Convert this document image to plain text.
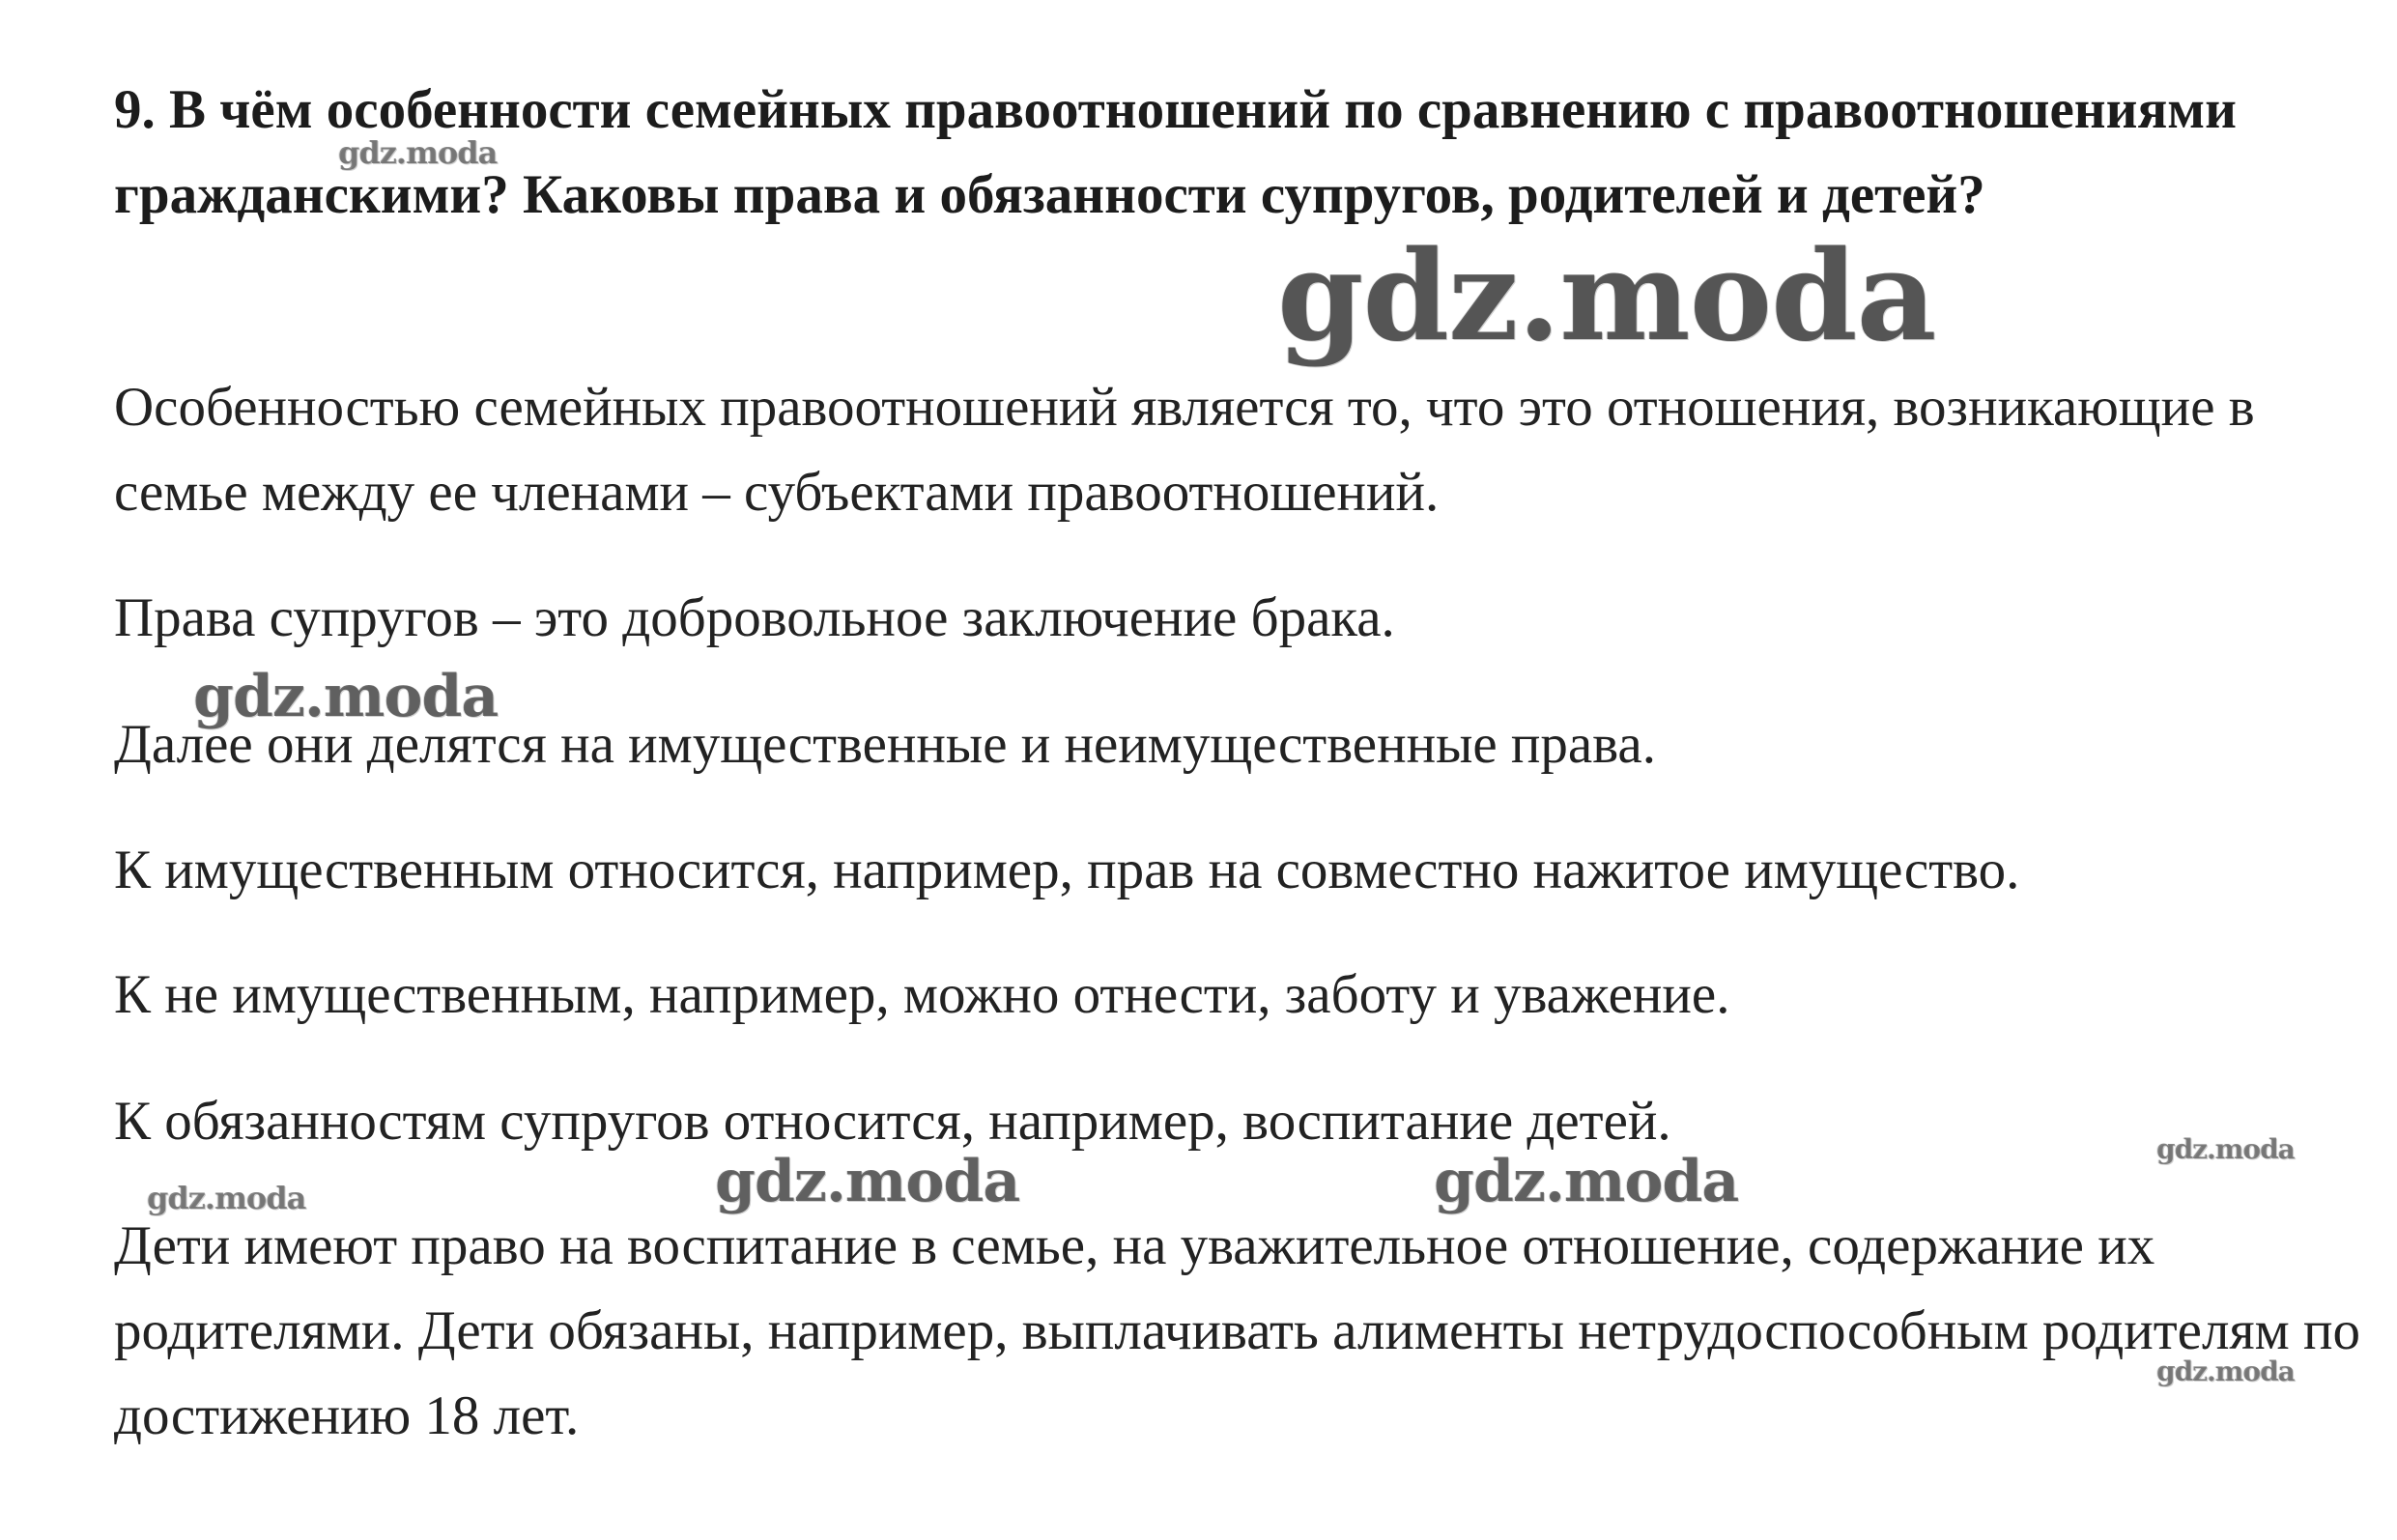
9. В чём особенности семейных правоотношений по сравнению с правоотношениями гражданскими? Каковы права и обязанности супругов, родителей и детей?

Особенностью семейных правоотношений является то, что это отношения, возникающие в семье между ее членами – субъектами правоотношений.

Права супругов – это добровольное заключение брака.

Далее они делятся на имущественные и неимущественные права.

К имущественным относится, например, прав на совместно нажитое имущество.

К не имущественным, например, можно отнести, заботу и уважение.

К обязанностям супругов относится, например, воспитание детей.

Дети имеют право на воспитание в семье, на уважительное отношение, содержание их родителями. Дети обязаны, например, выплачивать алименты нетрудоспособным родителям по достижению 18 лет.

gdz.moda
gdz.moda
gdz.moda	gdz.moda
gdz.moda
gdz.moda
gdz.moda
gdz.moda
